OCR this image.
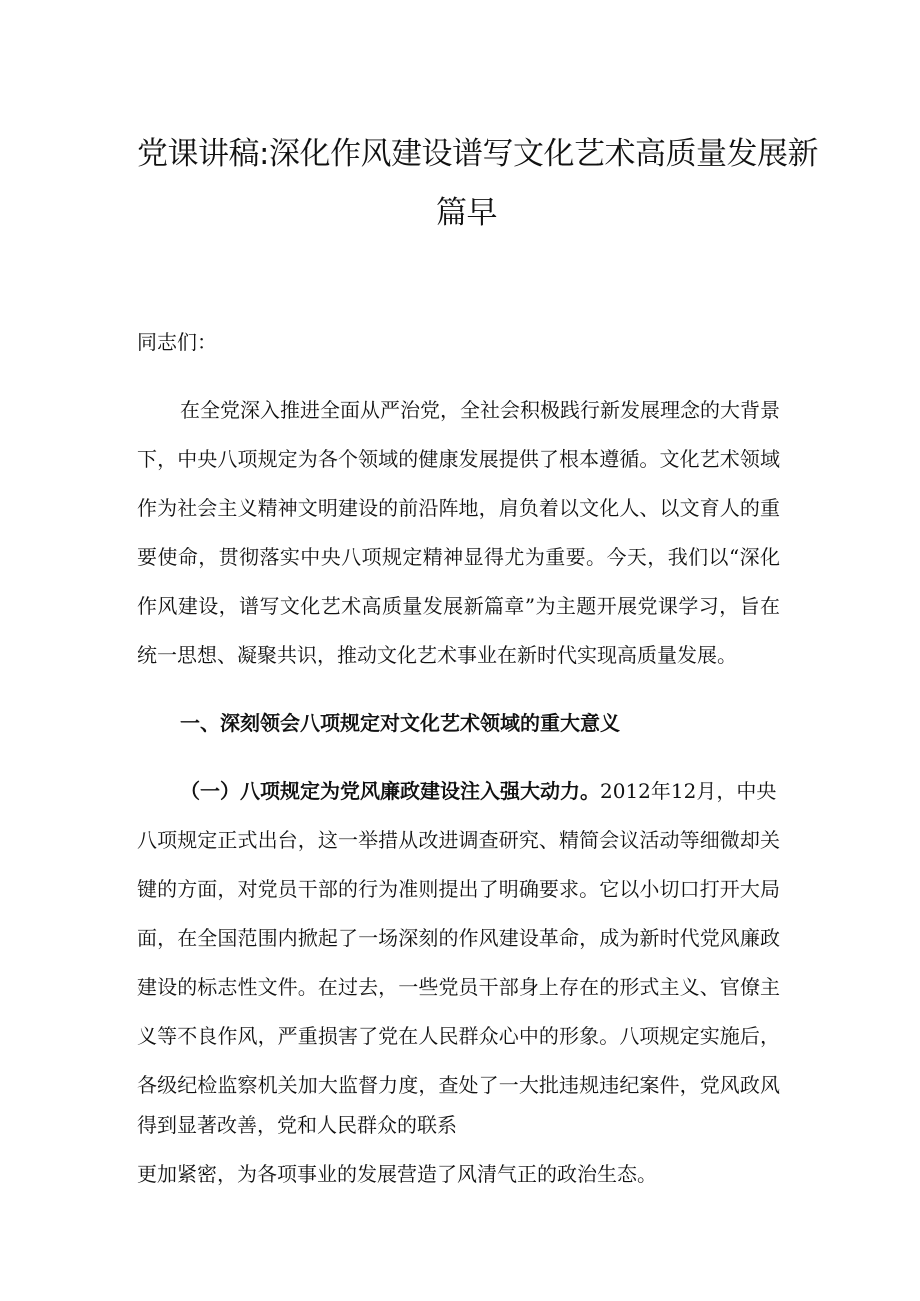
党课讲稿:深化作风建设谱写文化艺术高质量发展新
篇早
同志们：
在全党深入推进全面从严治党，全社会积极践行新发展理念的大背景
下，中央八项规定为各个领域的健康发展提供了根本遵循。文化艺术领域
作为社会主义精神文明建设的前沿阵地，肩负着以文化人、以文育人的重
要使命，贯彻落实中央八项规定精神显得尤为重要。今天，我们以“深化
作风建设，谱写文化艺术高质量发展新篇章”为主题开展党课学习，旨在
统一思想、凝聚共识，推动文化艺术事业在新时代实现高质量发展。
一、深刻领会八项规定对文化艺术领域的重大意义
（一）八项规定为党风廉政建设注入强大动力。2012年12月，中央
八项规定正式出台，这一举措从改进调查研究、精简会议活动等细微却关
键的方面，对党员干部的行为准则提出了明确要求。它以小切口打开大局
面，在全国范围内掀起了一场深刻的作风建设革命，成为新时代党风廉政
建设的标志性文件。在过去，一些党员干部身上存在的形式主义、官僚主
义等不良作风，严重损害了党在人民群众心中的形象。八项规定实施后，
各级纪检监察机关加大监督力度，查处了一大批违规违纪案件，党风政风
得到显著改善，党和人民群众的联系
更加紧密，为各项事业的发展营造了风清气正的政治生态。
